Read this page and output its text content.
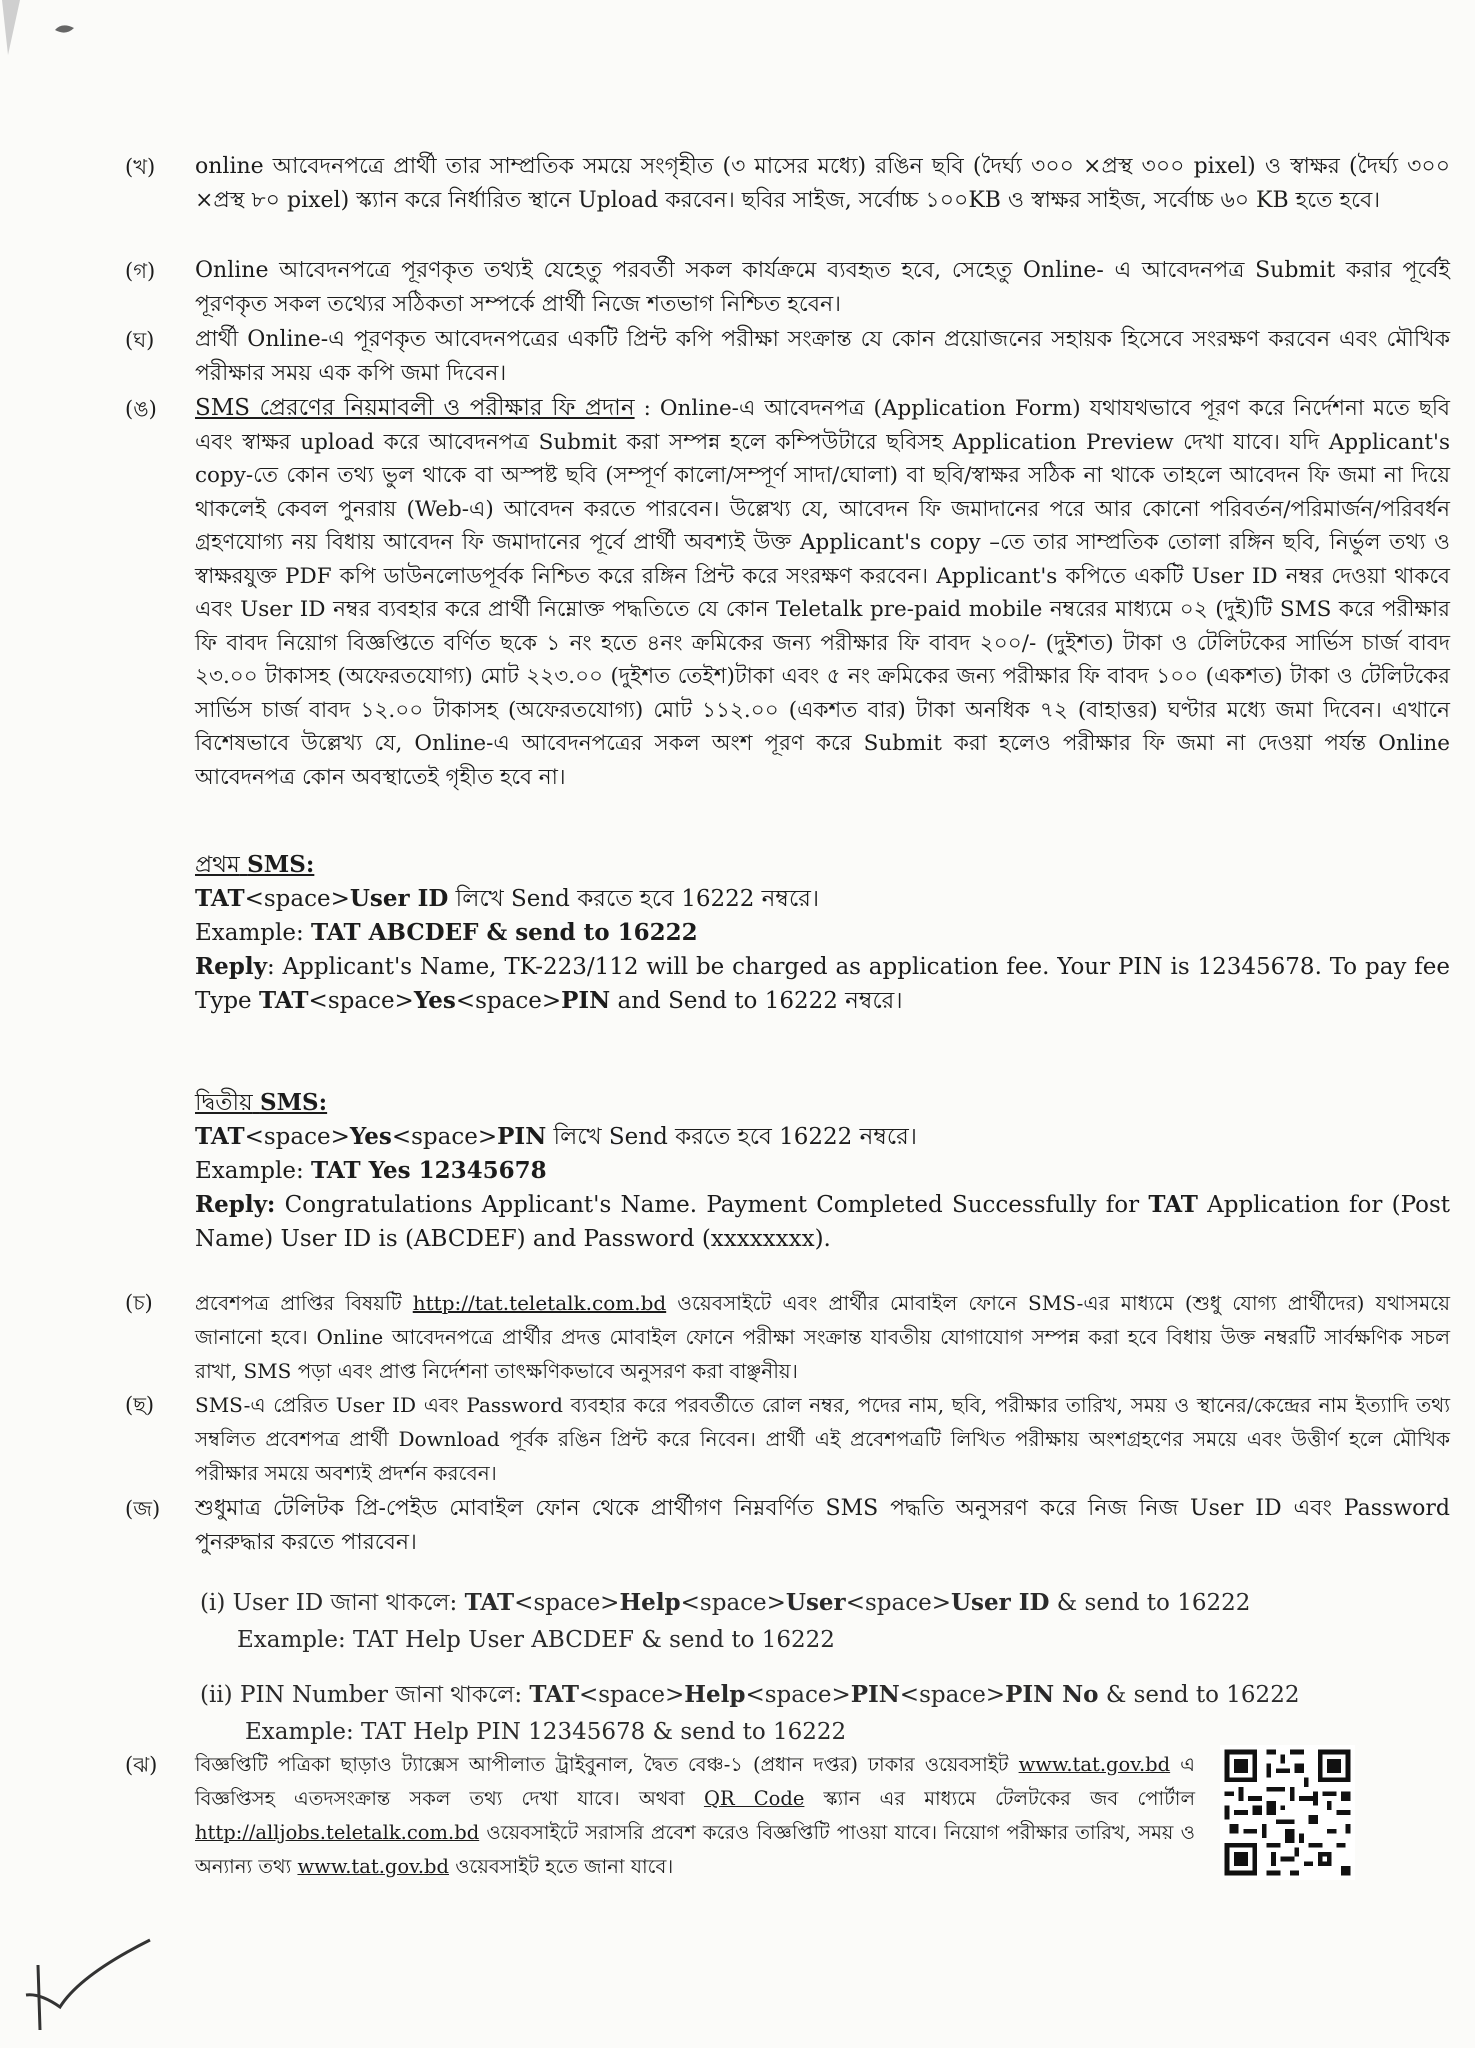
(খ)	online আবেদনপত্রে প্রার্থী তার সাম্প্রতিক সময়ে সংগৃহীত (৩ মাসের মধ্যে) রঙিন ছবি (দৈর্ঘ্য ৩০০ ×প্রস্থ ৩০০ pixel) ও স্বাক্ষর (দৈর্ঘ্য ৩০০ ×প্রস্থ ৮০ pixel) স্ক্যান করে নির্ধারিত স্থানে Upload করবেন। ছবির সাইজ, সর্বোচ্চ ১০০KB ও স্বাক্ষর সাইজ, সর্বোচ্চ ৬০ KB হতে হবে।
(গ)	Online আবেদনপত্রে পূরণকৃত তথ্যই যেহেতু পরবর্তী সকল কার্যক্রমে ব্যবহৃত হবে, সেহেতু Online- এ আবেদনপত্র Submit করার পূর্বেই পূরণকৃত সকল তথ্যের সঠিকতা সম্পর্কে প্রার্থী নিজে শতভাগ নিশ্চিত হবেন।
(ঘ)	প্রার্থী Online-এ পূরণকৃত আবেদনপত্রের একটি প্রিন্ট কপি পরীক্ষা সংক্রান্ত যে কোন প্রয়োজনের সহায়ক হিসেবে সংরক্ষণ করবেন এবং মৌখিক পরীক্ষার সময় এক কপি জমা দিবেন।
(ঙ)	SMS প্রেরণের নিয়মাবলী ও পরীক্ষার ফি প্রদান : Online-এ আবেদনপত্র (Application Form) যথাযথভাবে পূরণ করে নির্দেশনা মতে ছবি এবং স্বাক্ষর upload করে আবেদনপত্র Submit করা সম্পন্ন হলে কম্পিউটারে ছবিসহ Application Preview দেখা যাবে। যদি Applicant's copy-তে কোন তথ্য ভুল থাকে বা অস্পষ্ট ছবি (সম্পূর্ণ কালো/সম্পূর্ণ সাদা/ঘোলা) বা ছবি/স্বাক্ষর সঠিক না থাকে তাহলে আবেদন ফি জমা না দিয়ে থাকলেই কেবল পুনরায় (Web-এ) আবেদন করতে পারবেন। উল্লেখ্য যে, আবেদন ফি জমাদানের পরে আর কোনো পরিবর্তন/পরিমার্জন/পরিবর্ধন গ্রহণযোগ্য নয় বিধায় আবেদন ফি জমাদানের পূর্বে প্রার্থী অবশ্যই উক্ত Applicant's copy –তে তার সাম্প্রতিক তোলা রঙ্গিন ছবি, নির্ভুল তথ্য ও স্বাক্ষরযুক্ত PDF কপি ডাউনলোডপূর্বক নিশ্চিত করে রঙ্গিন প্রিন্ট করে সংরক্ষণ করবেন। Applicant's কপিতে একটি User ID নম্বর দেওয়া থাকবে এবং User ID নম্বর ব্যবহার করে প্রার্থী নিম্নোক্ত পদ্ধতিতে যে কোন Teletalk pre-paid mobile নম্বরের মাধ্যমে ০২ (দুই)টি SMS করে পরীক্ষার ফি বাবদ নিয়োগ বিজ্ঞপ্তিতে বর্ণিত ছকে ১ নং হতে ৪নং ক্রমিকের জন্য পরীক্ষার ফি বাবদ ২০০/- (দুইশত) টাকা ও টেলিটকের সার্ভিস চার্জ বাবদ ২৩.০০ টাকাসহ (অফেরতযোগ্য) মোট ২২৩.০০ (দুইশত তেইশ)টাকা এবং ৫ নং ক্রমিকের জন্য পরীক্ষার ফি বাবদ ১০০ (একশত) টাকা ও টেলিটকের সার্ভিস চার্জ বাবদ ১২.০০ টাকাসহ (অফেরতযোগ্য) মোট ১১২.০০ (একশত বার) টাকা অনধিক ৭২ (বাহাত্তর) ঘণ্টার মধ্যে জমা দিবেন। এখানে বিশেষভাবে উল্লেখ্য যে, Online-এ আবেদনপত্রের সকল অংশ পূরণ করে Submit করা হলেও পরীক্ষার ফি জমা না দেওয়া পর্যন্ত Online আবেদনপত্র কোন অবস্থাতেই গৃহীত হবে না।
প্রথম SMS:
TAT<space>User ID লিখে Send করতে হবে 16222 নম্বরে।
Example: TAT ABCDEF & send to 16222
Reply: Applicant's Name, TK-223/112 will be charged as application fee. Your PIN is 12345678. To pay fee Type TAT<space>Yes<space>PIN and Send to 16222 নম্বরে।
দ্বিতীয় SMS:
TAT<space>Yes<space>PIN লিখে Send করতে হবে 16222 নম্বরে।
Example: TAT Yes 12345678
Reply: Congratulations Applicant's Name. Payment Completed Successfully for TAT Application for (Post Name) User ID is (ABCDEF) and Password (xxxxxxxx).
(চ)	প্রবেশপত্র প্রাপ্তির বিষয়টি http://tat.teletalk.com.bd ওয়েবসাইটে এবং প্রার্থীর মোবাইল ফোনে SMS-এর মাধ্যমে (শুধু যোগ্য প্রার্থীদের) যথাসময়ে জানানো হবে। Online আবেদনপত্রে প্রার্থীর প্রদত্ত মোবাইল ফোনে পরীক্ষা সংক্রান্ত যাবতীয় যোগাযোগ সম্পন্ন করা হবে বিধায় উক্ত নম্বরটি সার্বক্ষণিক সচল রাখা, SMS পড়া এবং প্রাপ্ত নির্দেশনা তাৎক্ষণিকভাবে অনুসরণ করা বাঞ্ছনীয়।
(ছ)	SMS-এ প্রেরিত User ID এবং Password ব্যবহার করে পরবর্তীতে রোল নম্বর, পদের নাম, ছবি, পরীক্ষার তারিখ, সময় ও স্থানের/কেন্দ্রের নাম ইত্যাদি তথ্য সম্বলিত প্রবেশপত্র প্রার্থী Download পূর্বক রঙিন প্রিন্ট করে নিবেন। প্রার্থী এই প্রবেশপত্রটি লিখিত পরীক্ষায় অংশগ্রহণের সময়ে এবং উত্তীর্ণ হলে মৌখিক পরীক্ষার সময়ে অবশ্যই প্রদর্শন করবেন।
(জ)	শুধুমাত্র টেলিটক প্রি-পেইড মোবাইল ফোন থেকে প্রার্থীগণ নিম্নবর্ণিত SMS পদ্ধতি অনুসরণ করে নিজ নিজ User ID এবং Password পুনরুদ্ধার করতে পারবেন।
(i) User ID জানা থাকলে: TAT<space>Help<space>User<space>User ID & send to 16222
Example: TAT Help User ABCDEF & send to 16222
(ii) PIN Number জানা থাকলে: TAT<space>Help<space>PIN<space>PIN No & send to 16222
Example: TAT Help PIN 12345678 & send to 16222
(ঝ)	বিজ্ঞপ্তিটি পত্রিকা ছাড়াও ট্যাক্সেস আপীলাত ট্রাইবুনাল, দ্বৈত বেঞ্চ-১ (প্রধান দপ্তর) ঢাকার ওয়েবসাইট www.tat.gov.bd এ বিজ্ঞপ্তিসহ এতদসংক্রান্ত সকল তথ্য দেখা যাবে। অথবা QR Code স্ক্যান এর মাধ্যমে টেলটকের জব পোর্টাল http://alljobs.teletalk.com.bd ওয়েবসাইটে সরাসরি প্রবেশ করেও বিজ্ঞপ্তিটি পাওয়া যাবে। নিয়োগ পরীক্ষার তারিখ, সময় ও অন্যান্য তথ্য www.tat.gov.bd ওয়েবসাইট হতে জানা যাবে।
